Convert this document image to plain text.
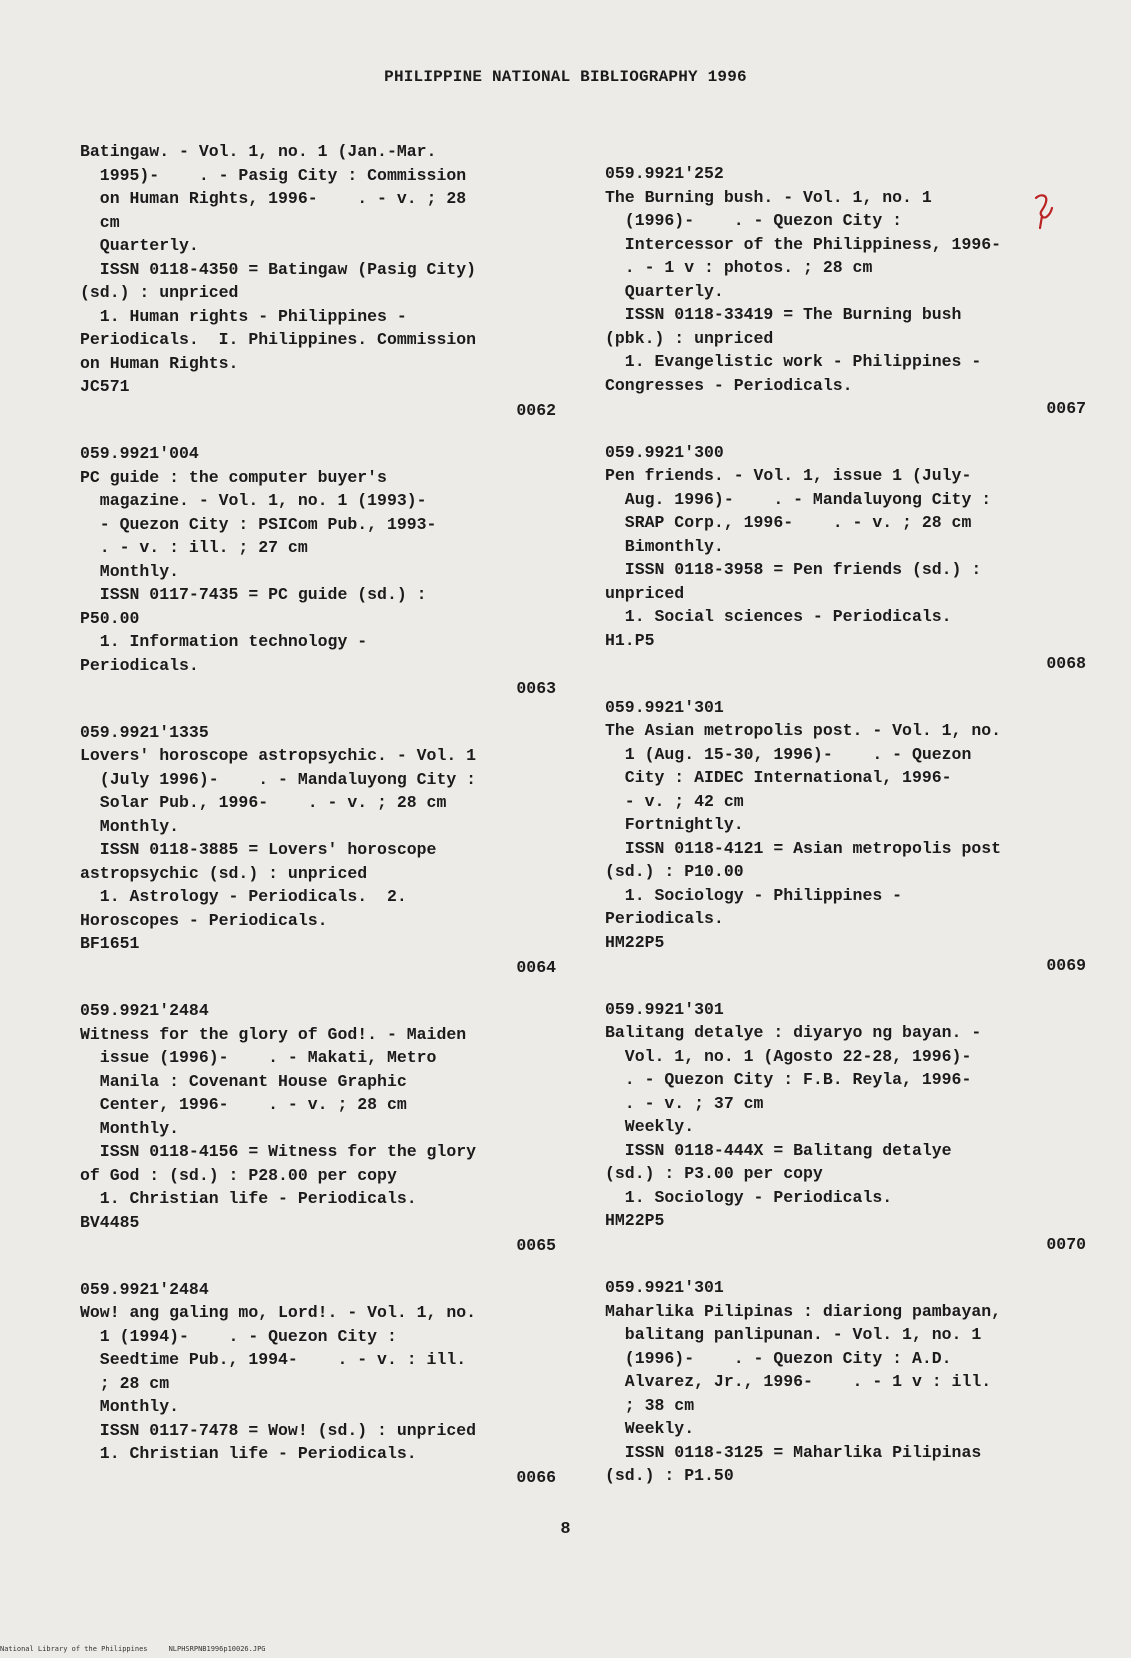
PHILIPPINE NATIONAL BIBLIOGRAPHY 1996
Batingaw. - Vol. 1, no. 1 (Jan.-Mar.
1995)-    . - Pasig City : Commission
on Human Rights, 1996-    . - v. ; 28
cm
Quarterly.
ISSN 0118-4350 = Batingaw (Pasig City)
(sd.) : unpriced
1. Human rights - Philippines -
Periodicals.  I. Philippines. Commission
on Human Rights.
JC571
0062
059.9921'004
PC guide : the computer buyer's
magazine. - Vol. 1, no. 1 (1993)-
- Quezon City : PSICom Pub., 1993-
. - v. : ill. ; 27 cm
Monthly.
ISSN 0117-7435 = PC guide (sd.) :
P50.00
1. Information technology -
Periodicals.
0063
059.9921'1335
Lovers' horoscope astropsychic. - Vol. 1
(July 1996)-    . - Mandaluyong City :
Solar Pub., 1996-    . - v. ; 28 cm
Monthly.
ISSN 0118-3885 = Lovers' horoscope
astropsychic (sd.) : unpriced
1. Astrology - Periodicals.  2.
Horoscopes - Periodicals.
BF1651
0064
059.9921'2484
Witness for the glory of God!. - Maiden
issue (1996)-    . - Makati, Metro
Manila : Covenant House Graphic
Center, 1996-    . - v. ; 28 cm
Monthly.
ISSN 0118-4156 = Witness for the glory
of God : (sd.) : P28.00 per copy
1. Christian life - Periodicals.
BV4485
0065
059.9921'2484
Wow! ang galing mo, Lord!. - Vol. 1, no.
1 (1994)-    . - Quezon City :
Seedtime Pub., 1994-    . - v. : ill.
; 28 cm
Monthly.
ISSN 0117-7478 = Wow! (sd.) : unpriced
1. Christian life - Periodicals.
0066
059.9921'252
The Burning bush. - Vol. 1, no. 1
(1996)-    . - Quezon City :
Intercessor of the Philippiness, 1996-
. - 1 v : photos. ; 28 cm
Quarterly.
ISSN 0118-33419 = The Burning bush
(pbk.) : unpriced
1. Evangelistic work - Philippines -
Congresses - Periodicals.
0067
059.9921'300
Pen friends. - Vol. 1, issue 1 (July-
Aug. 1996)-    . - Mandaluyong City :
SRAP Corp., 1996-    . - v. ; 28 cm
Bimonthly.
ISSN 0118-3958 = Pen friends (sd.) :
unpriced
1. Social sciences - Periodicals.
H1.P5
0068
059.9921'301
The Asian metropolis post. - Vol. 1, no.
1 (Aug. 15-30, 1996)-    . - Quezon
City : AIDEC International, 1996-
- v. ; 42 cm
Fortnightly.
ISSN 0118-4121 = Asian metropolis post
(sd.) : P10.00
1. Sociology - Philippines -
Periodicals.
HM22P5
0069
059.9921'301
Balitang detalye : diyaryo ng bayan. -
Vol. 1, no. 1 (Agosto 22-28, 1996)-
. - Quezon City : F.B. Reyla, 1996-
. - v. ; 37 cm
Weekly.
ISSN 0118-444X = Balitang detalye
(sd.) : P3.00 per copy
1. Sociology - Periodicals.
HM22P5
0070
059.9921'301
Maharlika Pilipinas : diariong pambayan,
balitang panlipunan. - Vol. 1, no. 1
(1996)-    . - Quezon City : A.D.
Alvarez, Jr., 1996-    . - 1 v : ill.
; 38 cm
Weekly.
ISSN 0118-3125 = Maharlika Pilipinas
(sd.) : P1.50
8
National Library of the Philippines     NLPHSRPNB1996p10026.JPG
